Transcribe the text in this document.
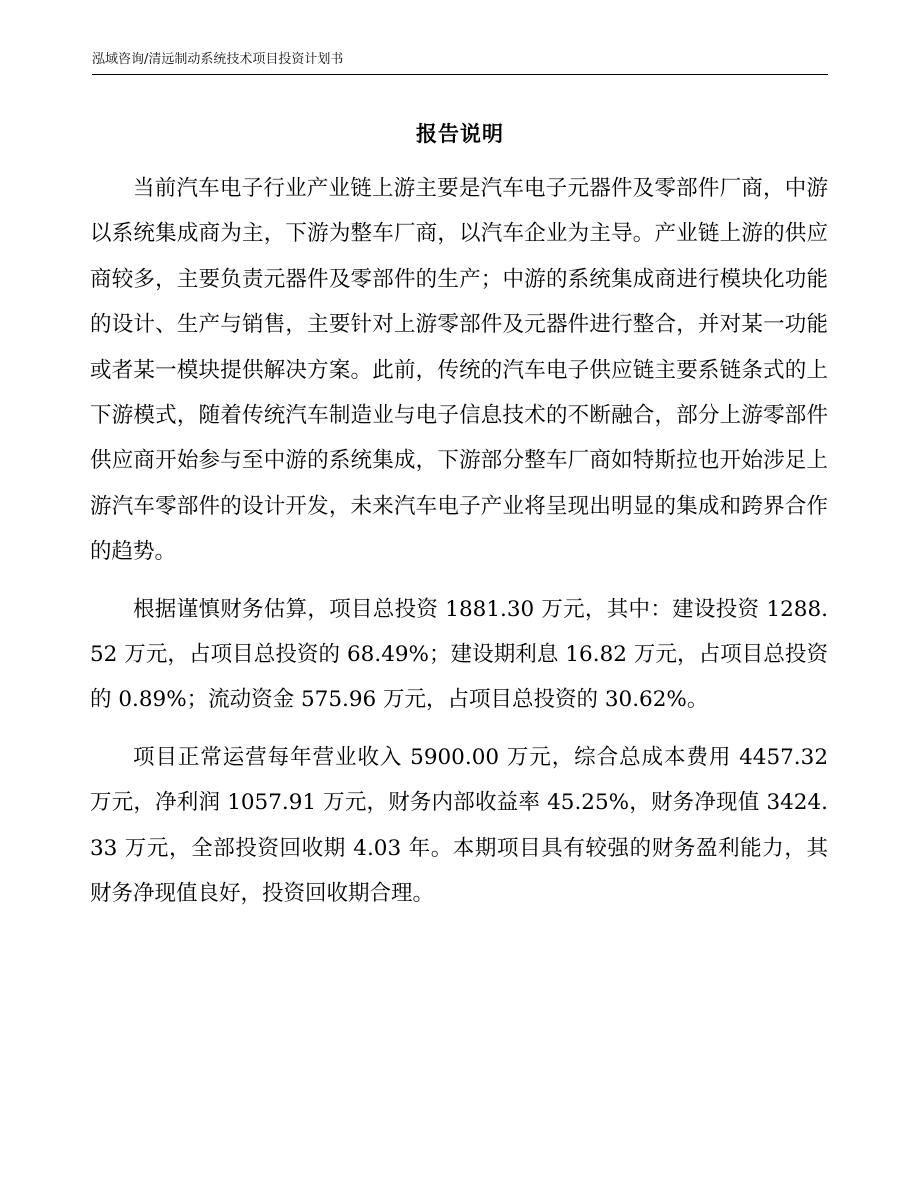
泓域咨询/清远制动系统技术项目投资计划书
报告说明

当前汽车电子行业产业链上游主要是汽车电子元器件及零部件厂商，中游以系统集成商为主，下游为整车厂商，以汽车企业为主导。产业链上游的供应商较多，主要负责元器件及零部件的生产；中游的系统集成商进行模块化功能的设计、生产与销售，主要针对上游零部件及元器件进行整合，并对某一功能或者某一模块提供解决方案。此前，传统的汽车电子供应链主要系链条式的上下游模式，随着传统汽车制造业与电子信息技术的不断融合，部分上游零部件供应商开始参与至中游的系统集成，下游部分整车厂商如特斯拉也开始涉足上游汽车零部件的设计开发，未来汽车电子产业将呈现出明显的集成和跨界合作的趋势。

根据谨慎财务估算，项目总投资 1881.30 万元，其中：建设投资 1288.52 万元，占项目总投资的 68.49%；建设期利息 16.82 万元，占项目总投资的 0.89%；流动资金 575.96 万元，占项目总投资的 30.62%。

项目正常运营每年营业收入 5900.00 万元，综合总成本费用 4457.32 万元，净利润 1057.91 万元，财务内部收益率 45.25%，财务净现值 3424.33 万元，全部投资回收期 4.03 年。本期项目具有较强的财务盈利能力，其财务净现值良好，投资回收期合理。
